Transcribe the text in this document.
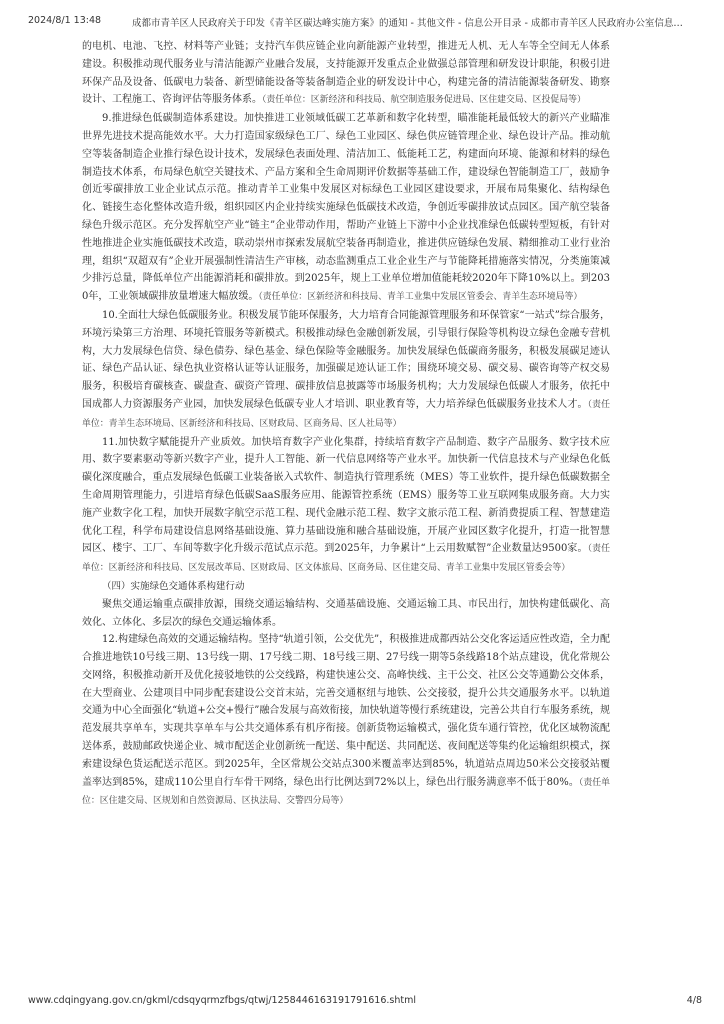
2024/8/1 13:48	成都市青羊区人民政府关于印发《青羊区碳达峰实施方案》的通知 - 其他文件 - 信息公开目录 - 成都市青羊区人民政府办公室信息…

的电机、电池、飞控、材料等产业链；支持汽车供应链企业向新能源产业转型，推进无人机、无人车等全空间无人体系建设。积极推动现代服务业与清洁能源产业融合发展，支持能源开发重点企业做强总部管理和研发设计职能，积极引进环保产品及设备、低碳电力装备、新型储能设备等装备制造企业的研发设计中心，构建完备的清洁能源装备研发、勘察设计、工程施工、咨询评估等服务体系。（责任单位：区新经济和科技局、航空制造服务促进局、区住建交局、区投促局等）

9.推进绿色低碳制造体系建设。加快推进工业领域低碳工艺革新和数字化转型，瞄准能耗最低较大的新兴产业瞄准世界先进技术提高能效水平。大力打造国家级绿色工厂、绿色工业园区、绿色供应链管理企业、绿色设计产品。推动航空等装备制造企业推行绿色设计技术，发展绿色表面处理、清洁加工、低能耗工艺，构建面向环境、能源和材料的绿色制造技术体系，布局绿色航空关键技术、产品方案和全生命周期评价数据等基础工作，建设绿色智能制造工厂，鼓励争创近零碳排放工业企业试点示范。推动青羊工业集中发展区对标绿色工业园区建设要求，开展布局集聚化、结构绿色化、链接生态化整体改造升级，组织园区内企业持续实施绿色低碳技术改造，争创近零碳排放试点园区。国产航空装备绿色升级示范区。充分发挥航空产业“链主”企业带动作用，帮助产业链上下游中小企业找准绿色低碳转型短板，有针对性地推进企业实施低碳技术改造，联动崇州市探索发展航空装备再制造业，推进供应链绿色发展、精细推动工业行业治理，组织“双超双有”企业开展强制性清洁生产审核，动态监测重点工业企业生产与节能降耗措施落实情况，分类施策减少排污总量，降低单位产出能源消耗和碳排放。到2025年，规上工业单位增加值能耗较2020年下降10%以上。到2030年，工业领域碳排放量增速大幅放缓。（责任单位：区新经济和科技局、青羊工业集中发展区管委会、青羊生态环境局等）

10.全面壮大绿色低碳服务业。积极发展节能环保服务，大力培育合同能源管理服务和环保管家“一站式”综合服务，环境污染第三方治理、环境托管服务等新模式。积极推动绿色金融创新发展，引导银行保险等机构设立绿色金融专营机构，大力发展绿色信贷、绿色债券、绿色基金、绿色保险等金融服务。加快发展绿色低碳商务服务，积极发展碳足迹认证、绿色产品认证、绿色执业资格认证等认证服务，加强碳足迹认证工作；围绕环境交易、碳交易、碳咨询等产权交易服务，积极培育碳核查、碳盘查、碳资产管理、碳排放信息披露等市场服务机构；大力发展绿色低碳人才服务，依托中国成都人力资源服务产业园，加快发展绿色低碳专业人才培训、职业教育等，大力培养绿色低碳服务业技术人才。（责任单位：青羊生态环境局、区新经济和科技局、区财政局、区商务局、区人社局等）

11.加快数字赋能提升产业质效。加快培育数字产业化集群，持续培育数字产品制造、数字产品服务、数字技术应用、数字要素驱动等新兴数字产业，提升人工智能、新一代信息网络等产业水平。加快新一代信息技术与产业绿色化低碳化深度融合，重点发展绿色低碳工业装备嵌入式软件、制造执行管理系统（MES）等工业软件，提升绿色低碳数据全生命周期管理能力，引进培育绿色低碳SaaS服务应用、能源管控系统（EMS）服务等工业互联网集成服务商。大力实施产业数字化工程，加快开展数字航空示范工程、现代金融示范工程、数字文旅示范工程、新消费提质工程、智慧建造优化工程，科学布局建设信息网络基础设施、算力基础设施和融合基础设施，开展产业园区数字化提升，打造一批智慧园区、楼宇、工厂、车间等数字化升级示范试点示范。到2025年，力争累计“上云用数赋智”企业数量达9500家。（责任单位：区新经济和科技局、区发展改革局、区财政局、区文体旅局、区商务局、区住建交局、青羊工业集中发展区管委会等）

（四）实施绿色交通体系构建行动

聚焦交通运输重点碳排放源，围绕交通运输结构、交通基础设施、交通运输工具、市民出行，加快构建低碳化、高效化、立体化、多层次的绿色交通运输体系。

12.构建绿色高效的交通运输结构。坚持“轨道引领，公交优先”，积极推进成都西站公交化客运适应性改造，全力配合推进地铁10号线三期、13号线一期、17号线二期、18号线三期、27号线一期等5条线路18个站点建设，优化常规公交网络，积极推动新开及优化接驳地铁的公交线路，构建快速公交、高峰快线、主干公交、社区公交等通勤公交体系，在大型商业、公建项目中同步配套建设公交首末站，完善交通枢纽与地铁、公交接驳，提升公共交通服务水平。以轨道交通为中心全面强化“轨道+公交+慢行”融合发展与高效衔接，加快轨道等慢行系统建设，完善公共自行车服务系统，规范发展共享单车，实现共享单车与公共交通体系有机序衔接。创新货物运输模式，强化货车通行管控，优化区域物流配送体系，鼓励邮政快递企业、城市配送企业创新统一配送、集中配送、共同配送、夜间配送等集约化运输组织模式，探索建设绿色货运配送示范区。到2025年，全区常规公交站点300米覆盖率达到85%，轨道站点周边50米公交接驳站覆盖率达到85%，建成110公里自行车骨干网络，绿色出行比例达到72%以上，绿色出行服务满意率不低于80%。（责任单位：区住建交局、区规划和自然资源局、区执法局、交警四分局等）

www.cdqingyang.gov.cn/gkml/cdsqyqrmzfbgs/qtwj/1258446163191791616.shtml	4/8
